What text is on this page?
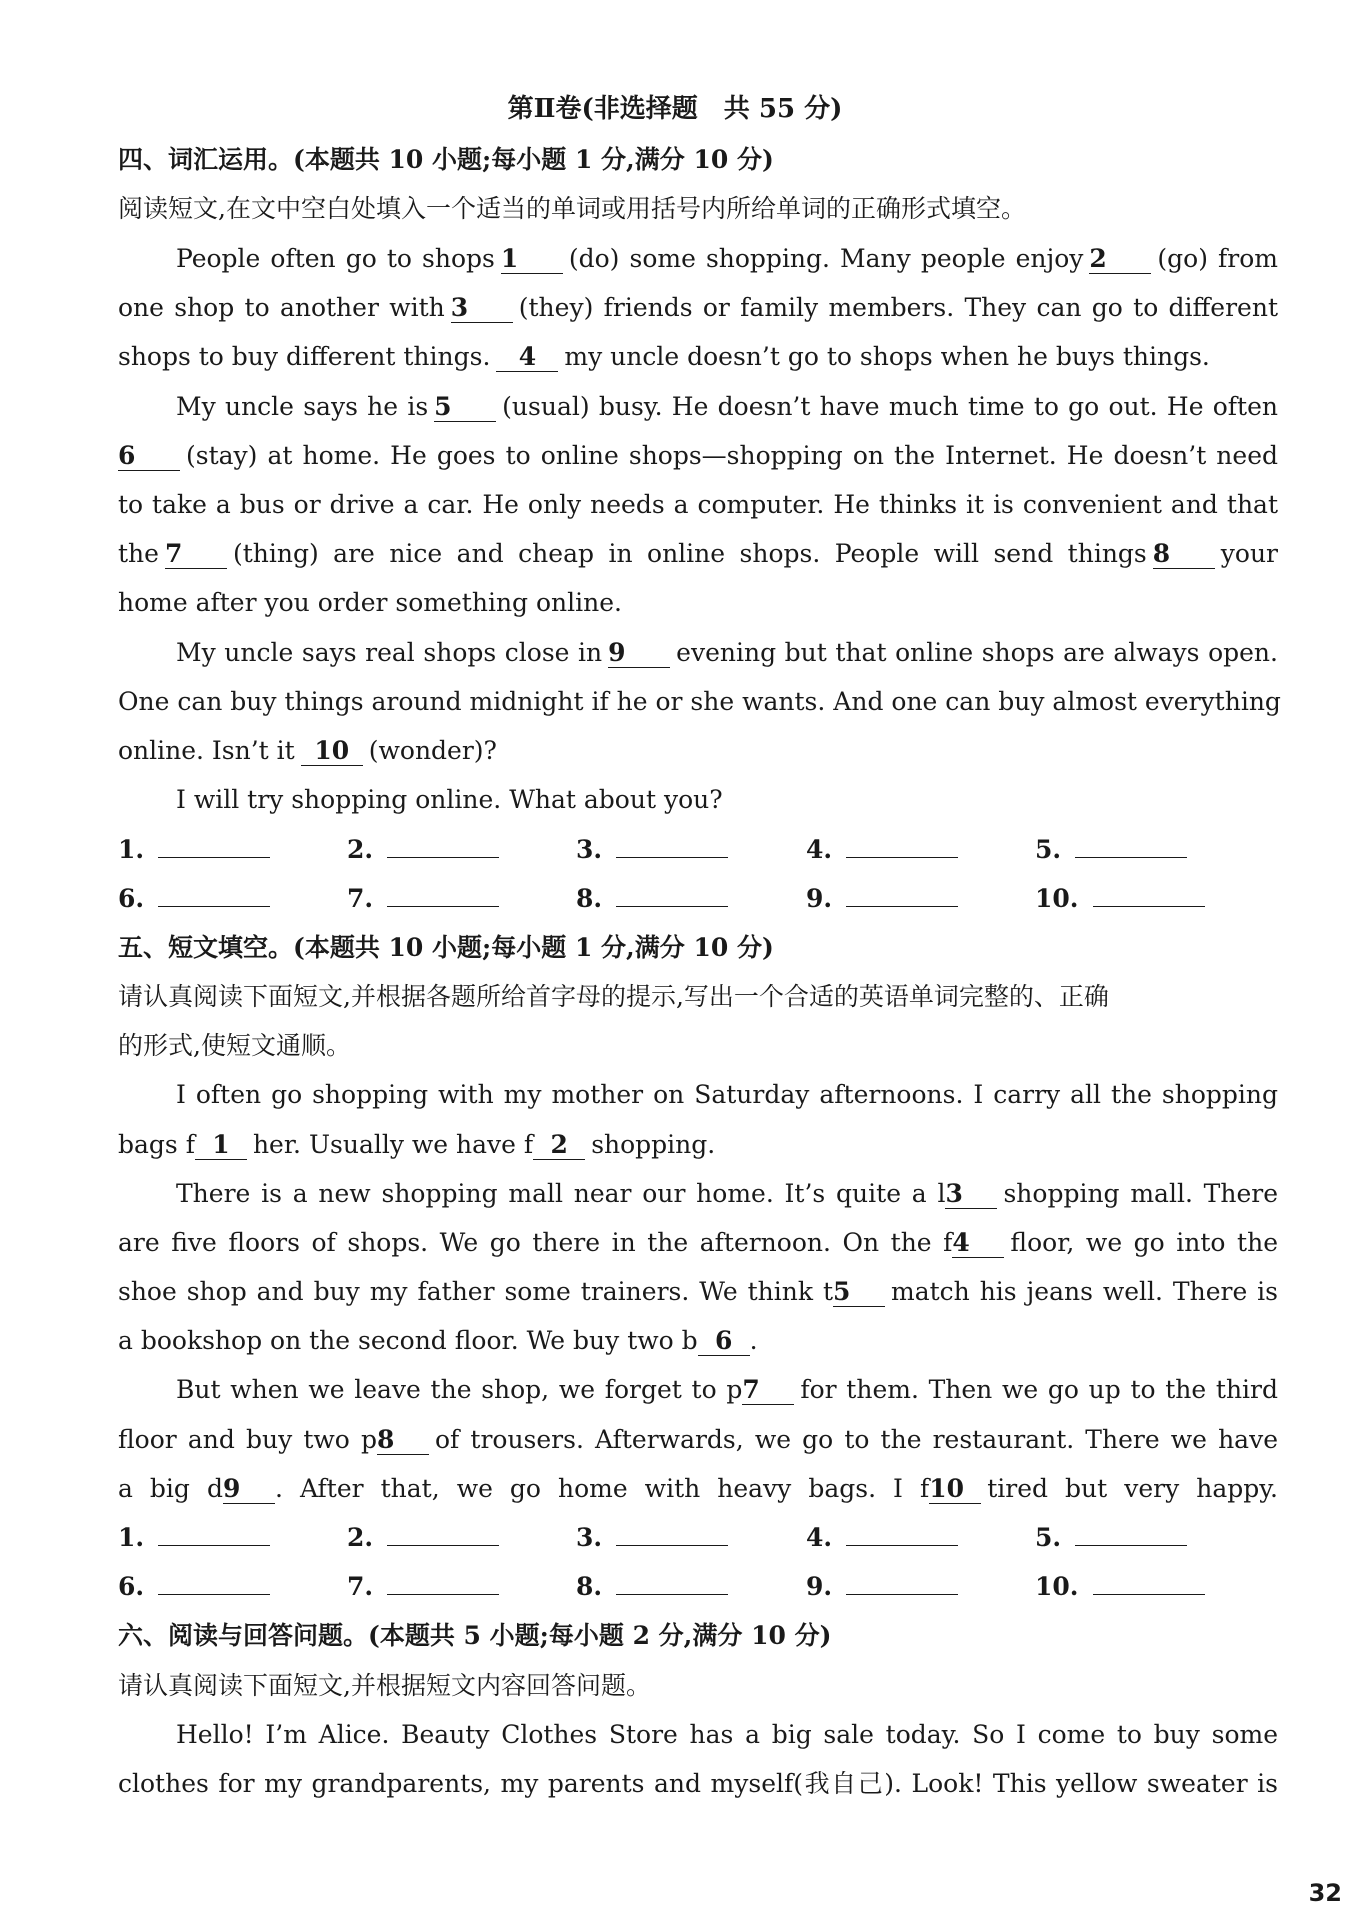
第Ⅱ卷(非选择题　共 55 分)
四、词汇运用。(本题共 10 小题;每小题 1 分,满分 10 分)
阅读短文,在文中空白处填入一个适当的单词或用括号内所给单词的正确形式填空。
People often go to shops 1 (do) some shopping. Many people enjoy 2 (go) from
one shop to another with 3 (they) friends or family members. They can go to different
shops to buy different things. 4 my uncle doesn’t go to shops when he buys things.
My uncle says he is 5 (usual) busy. He doesn’t have much time to go out. He often
6 (stay) at home. He goes to online shops—shopping on the Internet. He doesn’t need
to take a bus or drive a car. He only needs a computer. He thinks it is convenient and that
the 7 (thing) are nice and cheap in online shops. People will send things 8 your
home after you order something online.
My uncle says real shops close in 9 evening but that online shops are always open.
One can buy things around midnight if he or she wants. And one can buy almost everything
online. Isn’t it 10 (wonder)?
I will try shopping online. What about you?
1.	2.	3.	4.	5.
6.	7.	8.	9.	10.
五、短文填空。(本题共 10 小题;每小题 1 分,满分 10 分)
请认真阅读下面短文,并根据各题所给首字母的提示,写出一个合适的英语单词完整的、正确
的形式,使短文通顺。
I often go shopping with my mother on Saturday afternoons. I carry all the shopping
bags f 1 her. Usually we have f 2 shopping.
There is a new shopping mall near our home. It’s quite a l3 shopping mall. There
are five floors of shops. We go there in the afternoon. On the f4 floor, we go into the
shoe shop and buy my father some trainers. We think t5 match his jeans well. There is
a bookshop on the second floor. We buy two b 6 .
But when we leave the shop, we forget to p7 for them. Then we go up to the third
floor and buy two p8 of trousers. Afterwards, we go to the restaurant. There we have
a big d9 . After that, we go home with heavy bags. I f10 tired but very happy.
1.	2.	3.	4.	5.
6.	7.	8.	9.	10.
六、阅读与回答问题。(本题共 5 小题;每小题 2 分,满分 10 分)
请认真阅读下面短文,并根据短文内容回答问题。
Hello! I’m Alice. Beauty Clothes Store has a big sale today. So I come to buy some
clothes for my grandparents, my parents and myself(我自己). Look! This yellow sweater is
32
